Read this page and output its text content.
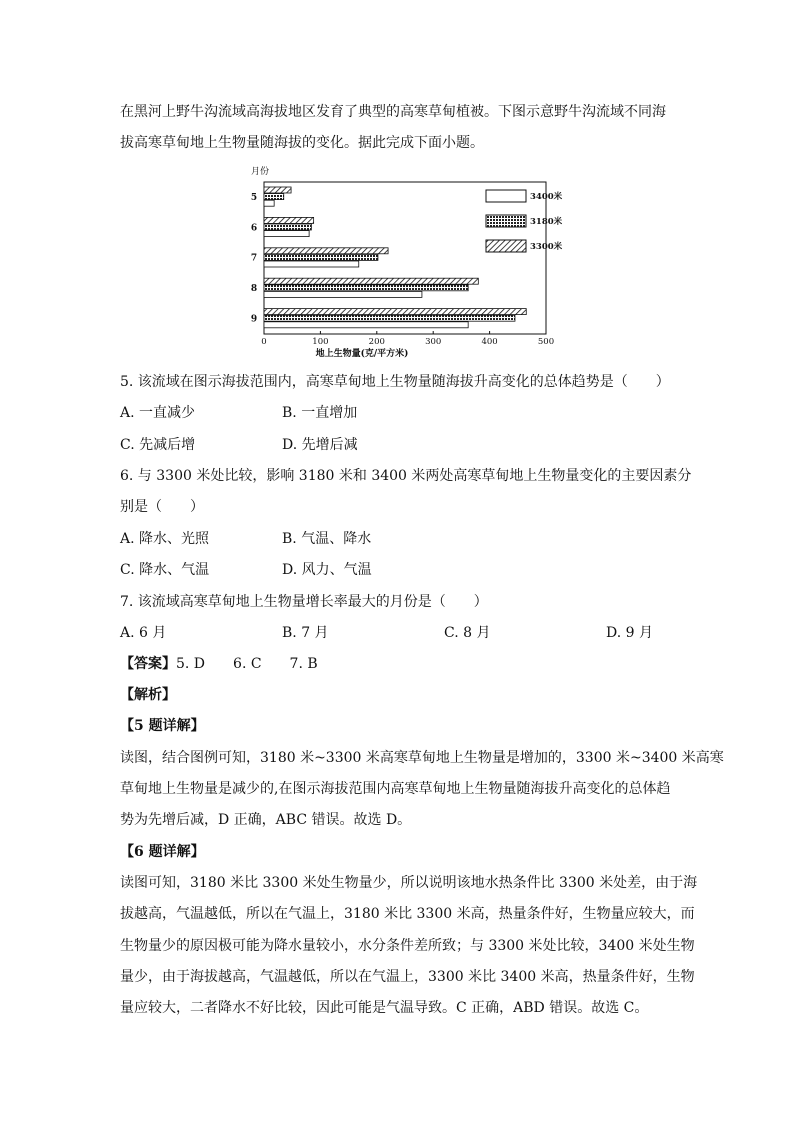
在黑河上野牛沟流域高海拔地区发育了典型的高寒草甸植被。下图示意野牛沟流域不同海
拔高寒草甸地上生物量随海拔的变化。据此完成下面小题。
月份
0	100	200	300	400	500
地上生物量(克/平方米)
5
6
7
8
9
3400米
3180米
3300米
5. 该流域在图示海拔范围内，高寒草甸地上生物量随海拔升高变化的总体趋势是（　　）
A. 一直减少	B. 一直增加
C. 先减后增	D. 先增后减
6. 与 3300 米处比较，影响 3180 米和 3400 米两处高寒草甸地上生物量变化的主要因素分
别是（　　）
A. 降水、光照	B. 气温、降水
C. 降水、气温	D. 风力、气温
7. 该流域高寒草甸地上生物量增长率最大的月份是（　　）
A. 6 月	B. 7 月	C. 8 月	D. 9 月
【答案】5. D　　6. C　　7. B
【解析】
【5 题详解】
读图，结合图例可知，3180 米~3300 米高寒草甸地上生物量是增加的，3300 米~3400 米高寒
草甸地上生物量是减少的,在图示海拔范围内高寒草甸地上生物量随海拔升高变化的总体趋
势为先增后减，D 正确，ABC 错误。故选 D。
【6 题详解】
读图可知，3180 米比 3300 米处生物量少，所以说明该地水热条件比 3300 米处差，由于海
拔越高，气温越低，所以在气温上，3180 米比 3300 米高，热量条件好，生物量应较大，而
生物量少的原因极可能为降水量较小，水分条件差所致；与 3300 米处比较，3400 米处生物
量少，由于海拔越高，气温越低，所以在气温上，3300 米比 3400 米高，热量条件好，生物
量应较大，二者降水不好比较，因此可能是气温导致。C 正确，ABD 错误。故选 C。
